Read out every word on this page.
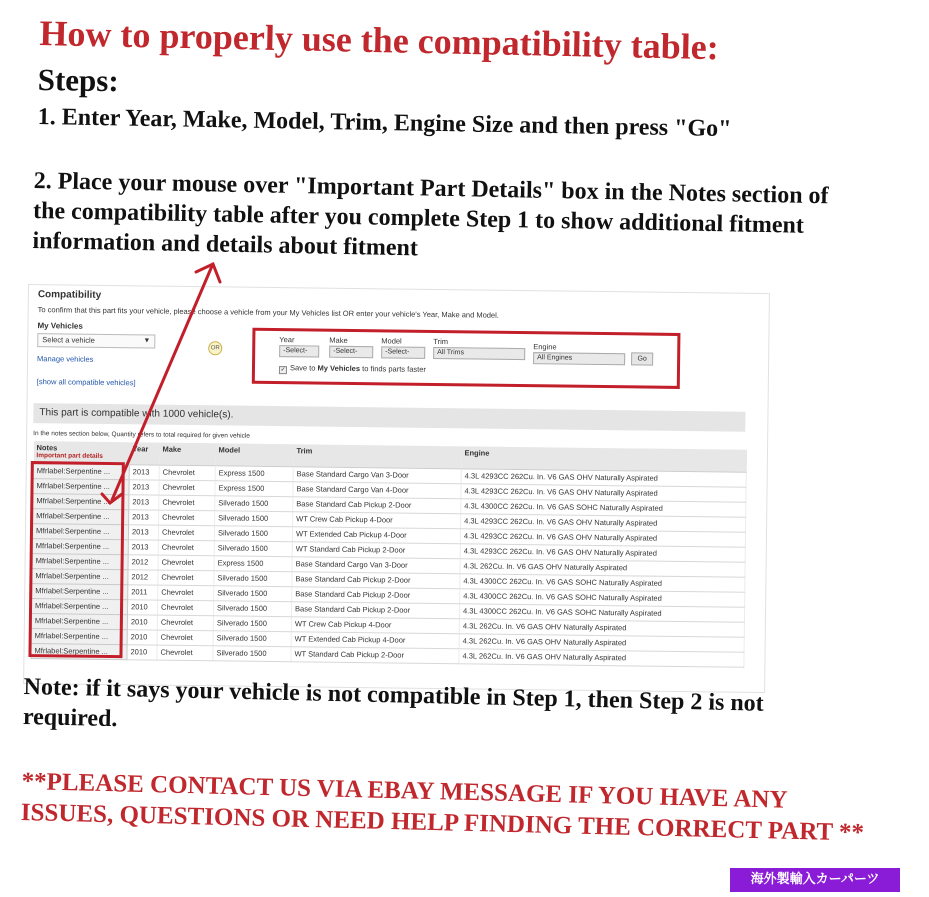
How to properly use the compatibility table:
Steps:
1. Enter Year, Make, Model, Trim, Engine Size and then press "Go"
2. Place your mouse over "Important Part Details" box in the Notes section of the compatibility table after you complete Step 1 to show additional fitment information and details about fitment
Compatibility
To confirm that this part fits your vehicle, please choose a vehicle from your My Vehicles list OR enter your vehicle's Year, Make and Model.
My Vehicles
Select a vehicle	▼
Manage vehicles
OR
[show all compatible vehicles]
Year
-Select-
Make
-Select-
Model
-Select-
Trim
All Trims
Engine
All Engines	Go
✓ Save to My Vehicles to finds parts faster
This part is compatible with 1000 vehicle(s).
In the notes section below, Quantity refers to total required for given vehicle
Notes
Important part details	Year	Make	Model	Trim	Engine
Mfrlabel:Serpentine ...	2013	Chevrolet	Express 1500	Base Standard Cargo Van 3-Door	4.3L 4293CC 262Cu. In. V6 GAS OHV Naturally Aspirated
Mfrlabel:Serpentine ...	2013	Chevrolet	Express 1500	Base Standard Cargo Van 4-Door	4.3L 4293CC 262Cu. In. V6 GAS OHV Naturally Aspirated
Mfrlabel:Serpentine ...	2013	Chevrolet	Silverado 1500	Base Standard Cab Pickup 2-Door	4.3L 4300CC 262Cu. In. V6 GAS SOHC Naturally Aspirated
Mfrlabel:Serpentine ...	2013	Chevrolet	Silverado 1500	WT Crew Cab Pickup 4-Door	4.3L 4293CC 262Cu. In. V6 GAS OHV Naturally Aspirated
Mfrlabel:Serpentine ...	2013	Chevrolet	Silverado 1500	WT Extended Cab Pickup 4-Door	4.3L 4293CC 262Cu. In. V6 GAS OHV Naturally Aspirated
Mfrlabel:Serpentine ...	2013	Chevrolet	Silverado 1500	WT Standard Cab Pickup 2-Door	4.3L 4293CC 262Cu. In. V6 GAS OHV Naturally Aspirated
Mfrlabel:Serpentine ...	2012	Chevrolet	Express 1500	Base Standard Cargo Van 3-Door	4.3L 262Cu. In. V6 GAS OHV Naturally Aspirated
Mfrlabel:Serpentine ...	2012	Chevrolet	Silverado 1500	Base Standard Cab Pickup 2-Door	4.3L 4300CC 262Cu. In. V6 GAS SOHC Naturally Aspirated
Mfrlabel:Serpentine ...	2011	Chevrolet	Silverado 1500	Base Standard Cab Pickup 2-Door	4.3L 4300CC 262Cu. In. V6 GAS SOHC Naturally Aspirated
Mfrlabel:Serpentine ...	2010	Chevrolet	Silverado 1500	Base Standard Cab Pickup 2-Door	4.3L 4300CC 262Cu. In. V6 GAS SOHC Naturally Aspirated
Mfrlabel:Serpentine ...	2010	Chevrolet	Silverado 1500	WT Crew Cab Pickup 4-Door	4.3L 262Cu. In. V6 GAS OHV Naturally Aspirated
Mfrlabel:Serpentine ...	2010	Chevrolet	Silverado 1500	WT Extended Cab Pickup 4-Door	4.3L 262Cu. In. V6 GAS OHV Naturally Aspirated
Mfrlabel:Serpentine ...	2010	Chevrolet	Silverado 1500	WT Standard Cab Pickup 2-Door	4.3L 262Cu. In. V6 GAS OHV Naturally Aspirated
Note: if it says your vehicle is not compatible in Step 1, then Step 2 is not required.
**PLEASE CONTACT US VIA EBAY MESSAGE IF YOU HAVE ANY ISSUES, QUESTIONS OR NEED HELP FINDING THE CORRECT PART **
海外製輸入カーパーツ
